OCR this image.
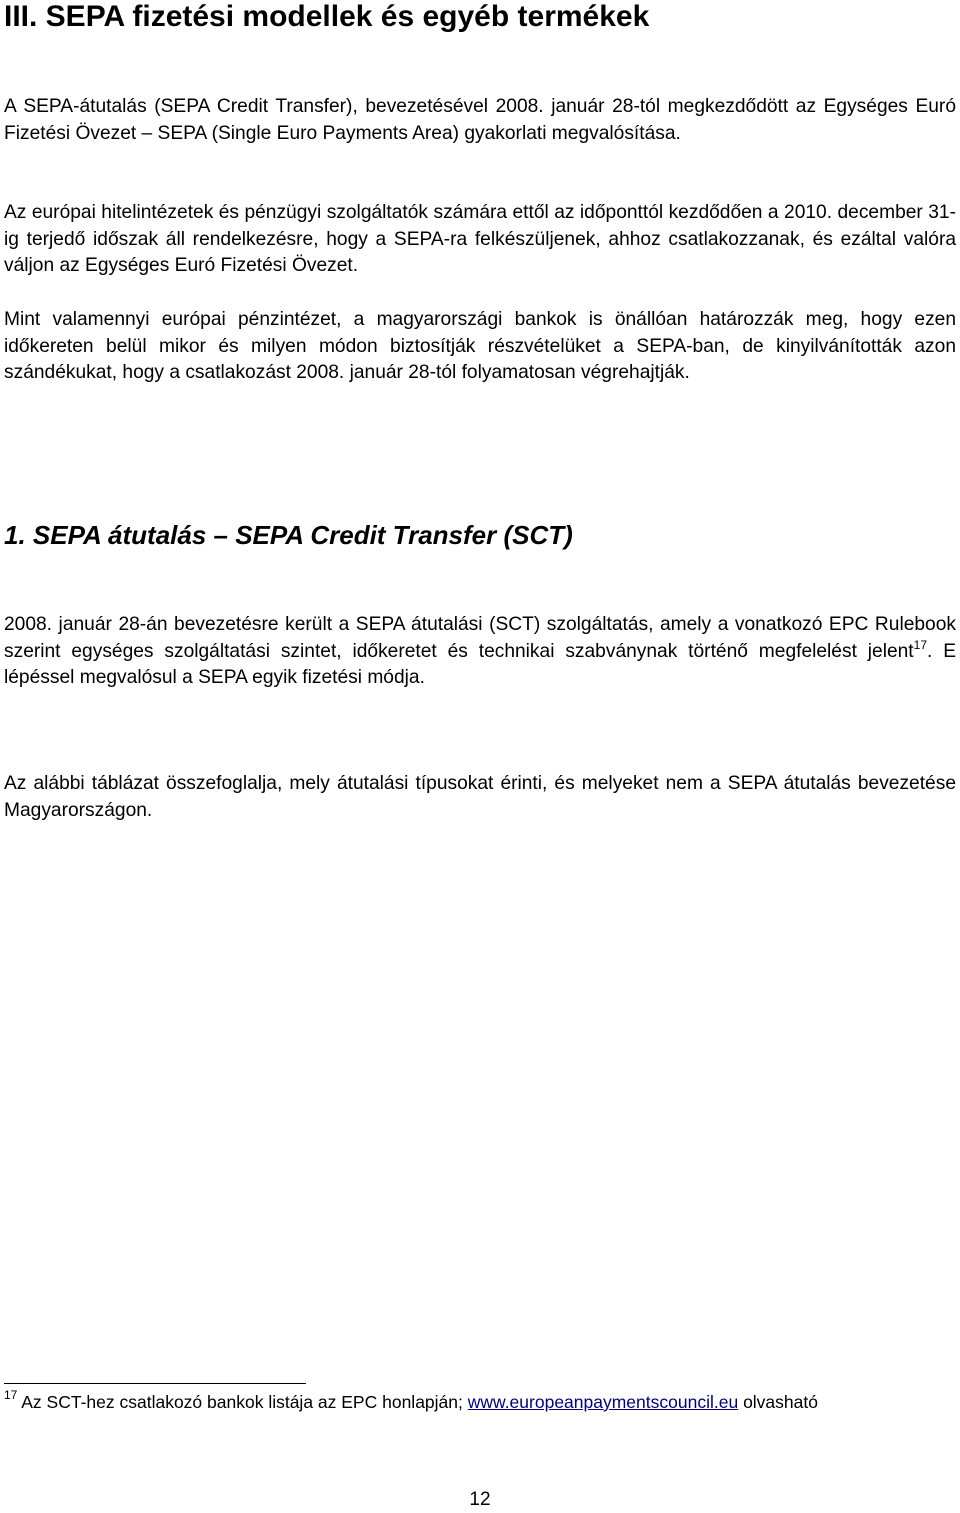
III. SEPA fizetési modellek és egyéb termékek

A SEPA-átutalás (SEPA Credit Transfer), bevezetésével 2008. január 28-tól megkezdődött az Egységes Euró Fizetési Övezet – SEPA (Single Euro Payments Area) gyakorlati megvalósítása.

Az európai hitelintézetek és pénzügyi szolgáltatók számára ettől az időponttól kezdődően a 2010. december 31-ig terjedő időszak áll rendelkezésre, hogy a SEPA-ra felkészüljenek, ahhoz csatlakozzanak, és ezáltal valóra váljon az Egységes Euró Fizetési Övezet.

Mint valamennyi európai pénzintézet, a magyarországi bankok is önállóan határozzák meg, hogy ezen időkereten belül mikor és milyen módon biztosítják részvételüket a SEPA-ban, de kinyilvánították azon szándékukat, hogy a csatlakozást 2008. január 28-tól folyamatosan végrehajtják.

1. SEPA átutalás – SEPA Credit Transfer (SCT)

2008. január 28-án bevezetésre került a SEPA átutalási (SCT) szolgáltatás, amely a vonatkozó EPC Rulebook szerint egységes szolgáltatási szintet, időkeretet és technikai szabványnak történő megfelelést jelent$^{17}$. E lépéssel megvalósul a SEPA egyik fizetési módja.

Az alábbi táblázat összefoglalja, mely átutalási típusokat érinti, és melyeket nem a SEPA átutalás bevezetése Magyarországon.

$^{17}$ Az SCT-hez csatlakozó bankok listája az EPC honlapján; www.europeanpaymentscouncil.eu olvasható

12
